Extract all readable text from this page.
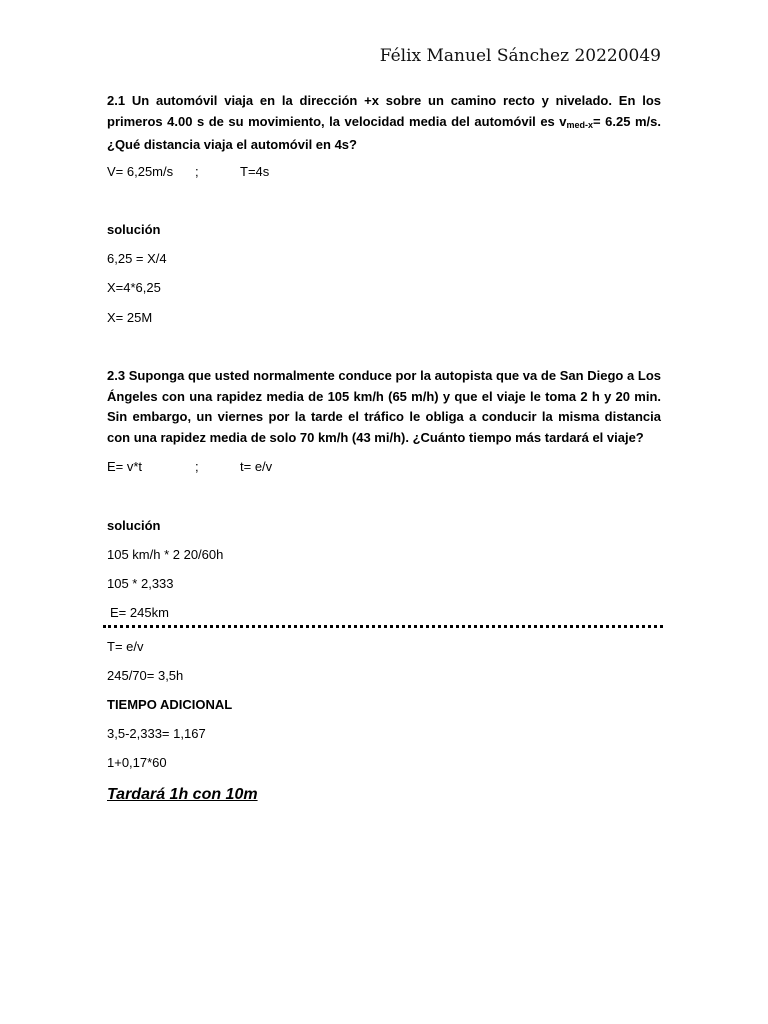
Félix Manuel Sánchez 20220049
2.1 Un automóvil viaja en la dirección +x sobre un camino recto y nivelado. En los primeros 4.00 s de su movimiento, la velocidad media del automóvil es $v_{med-x}= 6.25$ m/s. ¿Qué distancia viaja el automóvil en 4s?
V= 6,25m/s ;	T=4s
solución
6,25 = X/4
X=4*6,25
X= 25M
2.3 Suponga que usted normalmente conduce por la autopista que va de San Diego a Los Ángeles con una rapidez media de 105 km/h (65 m/h) y que el viaje le toma 2 h y 20 min. Sin embargo, un viernes por la tarde el tráfico le obliga a conducir la misma distancia con una rapidez media de solo 70 km/h (43 mi/h). ¿Cuánto tiempo más tardará el viaje?
E= v*t	;	t= e/v
solución
105 km/h * 2 20/60h
105 * 2,333
E= 245km
T= e/v
245/70= 3,5h
TIEMPO ADICIONAL
3,5-2,333= 1,167
1+0,17*60
Tardará 1h con 10m
